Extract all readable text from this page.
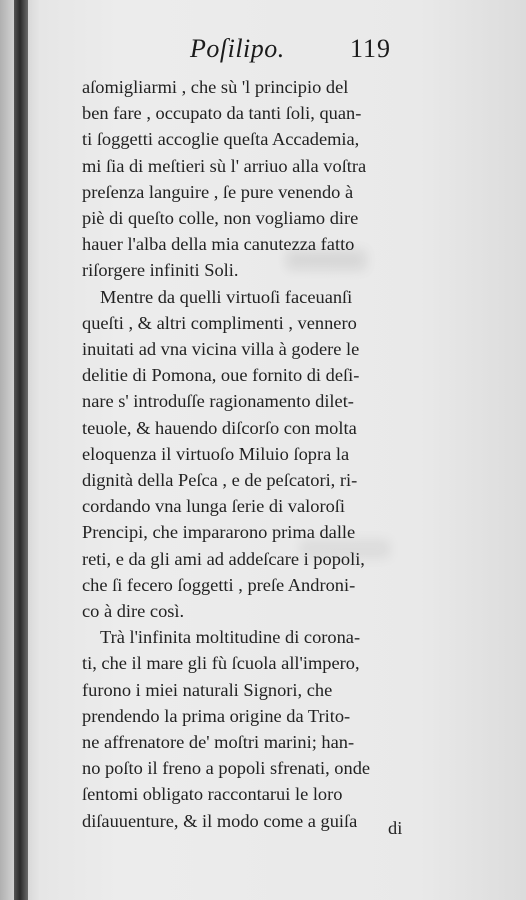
Poſilipo.	119
aſomigliarmi , che sù 'l principio del
ben fare , occupato da tanti ſoli, quan-
ti ſoggetti accoglie queſta Accademia,
mi ſia di meſtieri sù l' arriuo alla voſtra
preſenza languire , ſe pure venendo à
piè di queſto colle, non vogliamo dire
hauer l'alba della mia canutezza fatto
riſorgere infiniti Soli.
Mentre da quelli virtuoſi faceuanſi
queſti , & altri complimenti , vennero
inuitati ad vna vicina villa à godere le
delitie di Pomona, oue fornito di deſi-
nare s' introduſſe ragionamento dilet-
teuole, & hauendo diſcorſo con molta
eloquenza il virtuoſo Miluio ſopra la
dignità della Peſca , e de peſcatori, ri-
cordando vna lunga ſerie di valoroſi
Prencipi, che impararono prima dalle
reti, e da gli ami ad addeſcare i popoli,
che ſi fecero ſoggetti , preſe Androni-
co à dire così.
Trà l'infinita moltitudine di corona-
ti, che il mare gli fù ſcuola all'impero,
furono i miei naturali Signori, che
prendendo la prima origine da Trito-
ne affrenatore de' moſtri marini; han-
no poſto il freno a popoli sfrenati, onde
ſentomi obligato raccontarui le loro
diſauuenture, & il modo come a guiſa	di
